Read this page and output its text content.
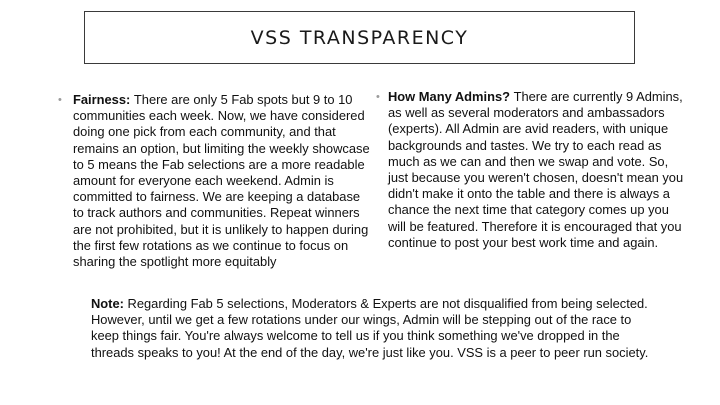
VSS TRANSPARENCY
• Fairness: There are only 5 Fab spots but 9 to 10 communities each week. Now, we have considered doing one pick from each community, and that remains an option, but limiting the weekly showcase to 5 means the Fab selections are a more readable amount for everyone each weekend. Admin is committed to fairness. We are keeping a database to track authors and communities. Repeat winners are not prohibited, but it is unlikely to happen during the first few rotations as we continue to focus on sharing the spotlight more equitably
• How Many Admins? There are currently 9 Admins, as well as several moderators and ambassadors (experts). All Admin are avid readers, with unique backgrounds and tastes. We try to each read as much as we can and then we swap and vote. So, just because you weren't chosen, doesn't mean you didn't make it onto the table and there is always a chance the next time that category comes up you will be featured. Therefore it is encouraged that you continue to post your best work time and again.
Note: Regarding Fab 5 selections, Moderators & Experts are not disqualified from being selected. However, until we get a few rotations under our wings, Admin will be stepping out of the race to keep things fair. You're always welcome to tell us if you think something we've dropped in the threads speaks to you! At the end of the day, we're just like you. VSS is a peer to peer run society.
